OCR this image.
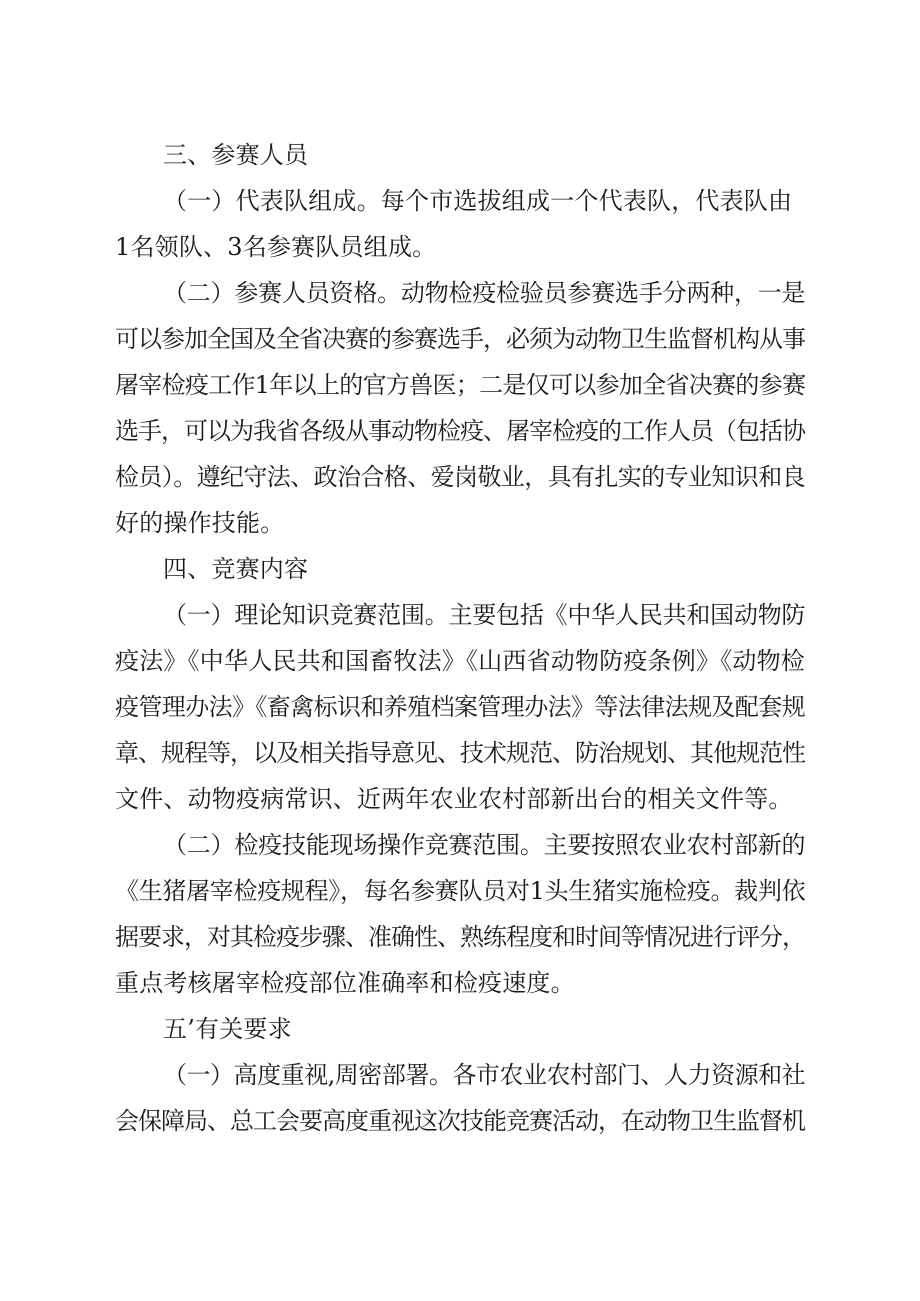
三、参赛人员
（一）代表队组成。每个市选拔组成一个代表队，代表队由
1名领队、3名参赛队员组成。
（二）参赛人员资格。动物检疫检验员参赛选手分两种，一是
可以参加全国及全省决赛的参赛选手，必须为动物卫生监督机构从事
屠宰检疫工作1年以上的官方兽医；二是仅可以参加全省决赛的参赛
选手，可以为我省各级从事动物检疫、屠宰检疫的工作人员（包括协
检员）。遵纪守法、政治合格、爱岗敬业，具有扎实的专业知识和良
好的操作技能。
四、竞赛内容
（一）理论知识竞赛范围。主要包括《中华人民共和国动物防
疫法》《中华人民共和国畜牧法》《山西省动物防疫条例》《动物检
疫管理办法》《畜禽标识和养殖档案管理办法》等法律法规及配套规
章、规程等，以及相关指导意见、技术规范、防治规划、其他规范性
文件、动物疫病常识、近两年农业农村部新出台的相关文件等。
（二）检疫技能现场操作竞赛范围。主要按照农业农村部新的
《生猪屠宰检疫规程》，每名参赛队员对1头生猪实施检疫。裁判依
据要求，对其检疫步骤、准确性、熟练程度和时间等情况进行评分，
重点考核屠宰检疫部位准确率和检疫速度。
五’有关要求
（一）高度重视,周密部署。各市农业农村部门、人力资源和社
会保障局、总工会要高度重视这次技能竞赛活动，在动物卫生监督机
